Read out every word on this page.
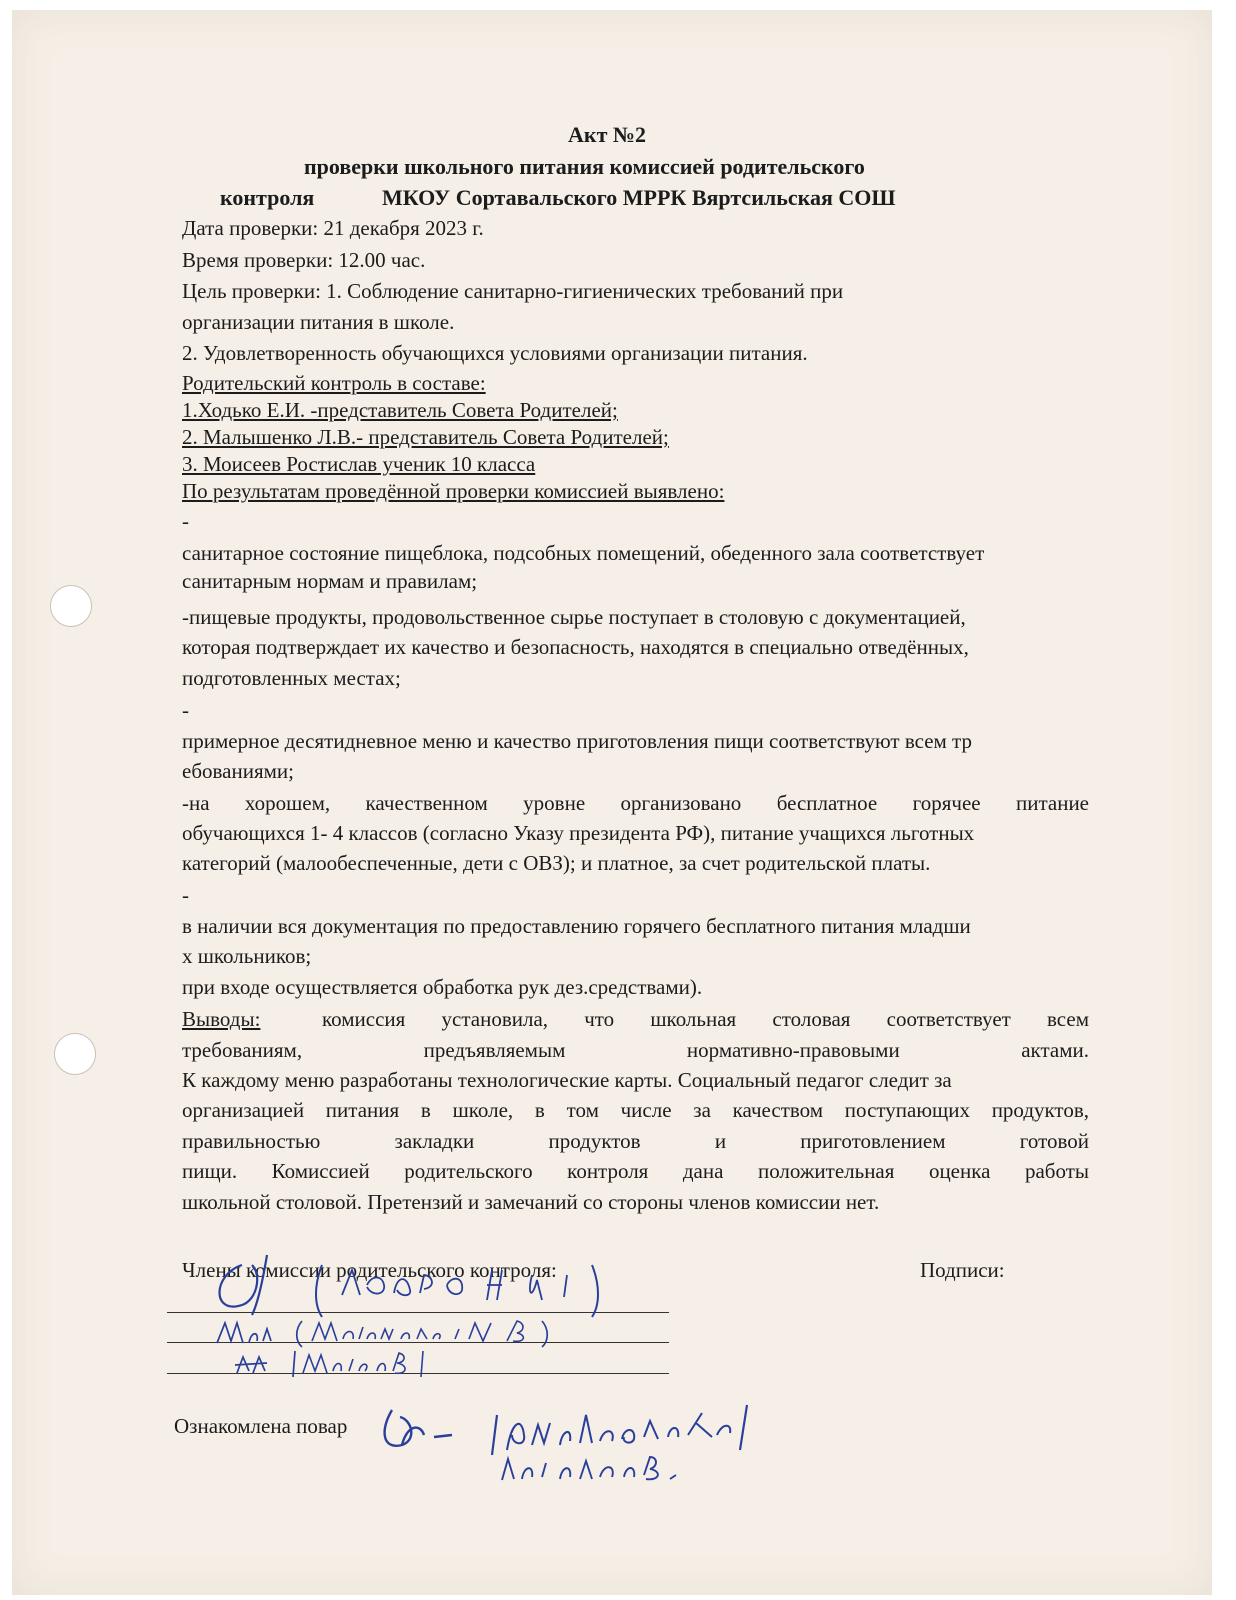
Акт №2
проверки школьного питания комиссией родительского
контроля	МКОУ Сортавальского МРРК Вяртсильская СОШ
Дата проверки: 21 декабря 2023 г.
Время проверки: 12.00 час.
Цель проверки: 1. Соблюдение санитарно-гигиенических требований при
организации питания в школе.
2. Удовлетворенность обучающихся условиями организации питания.
Родительский контроль в составе:
1.Ходько Е.И. -представитель Совета Родителей;
2. Малышенко Л.В.- представитель Совета Родителей;
3. Моисеев Ростислав ученик 10 класса
По результатам проведённой проверки комиссией выявлено:
-
санитарное состояние пищеблока, подсобных помещений, обеденного зала соответствует
санитарным нормам и правилам;
-пищевые продукты, продовольственное сырье поступает в столовую с документацией,
которая подтверждает их качество и безопасность, находятся в специально отведённых,
подготовленных местах;
-
примерное десятидневное меню и качество приготовления пищи соответствуют всем тр
ебованиями;
-на хорошем, качественном уровне организовано бесплатное горячее питание
обучающихся 1- 4 классов (согласно Указу президента РФ), питание учащихся льготных
категорий (малообеспеченные, дети с ОВЗ); и платное, за счет родительской платы.
-
в наличии вся документация по предоставлению горячего бесплатного питания младши
х школьников;
при входе осуществляется обработка рук дез.средствами).
Выводы:	комиссия установила, что школьная столовая соответствует всем
требованиям, предъявляемым нормативно-правовыми актами.
К каждому меню разработаны технологические карты. Социальный педагог следит за
организацией питания в школе, в том числе за качеством поступающих продуктов,
правильностью закладки продуктов и приготовлением готовой
пищи. Комиссией родительского контроля дана положительная оценка работы
школьной столовой. Претензий и замечаний со стороны членов комиссии нет.
Члены комиссии родительского контроля:	Подписи:
Ознакомлена повар
